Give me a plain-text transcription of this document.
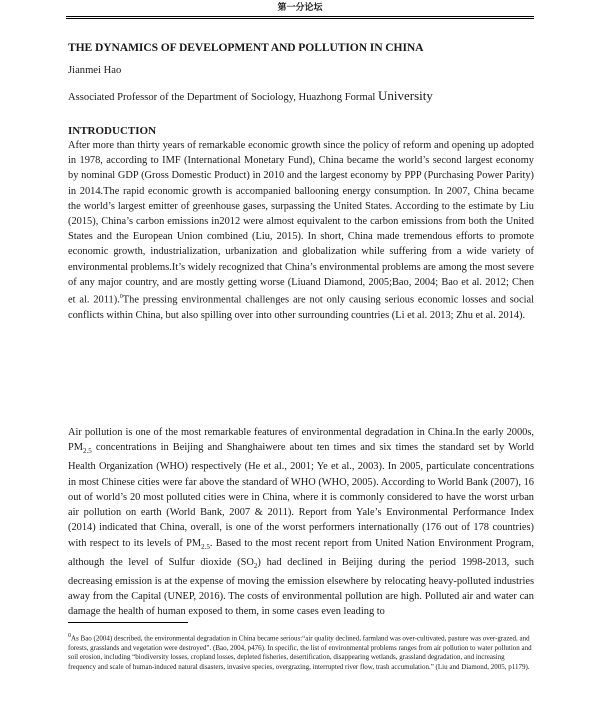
第一分论坛
THE DYNAMICS OF DEVELOPMENT AND POLLUTION IN CHINA
Jianmei Hao
Associated Professor of the Department of Sociology, Huazhong Formal University
INTRODUCTION
After more than thirty years of remarkable economic growth since the policy of reform and opening up adopted in 1978, according to IMF (International Monetary Fund), China became the world’s second largest economy by nominal GDP (Gross Domestic Product) in 2010 and the largest economy by PPP (Purchasing Power Parity) in 2014.The rapid economic growth is accompanied ballooning energy consumption. In 2007, China became the world’s largest emitter of greenhouse gases, surpassing the United States. According to the estimate by Liu (2015), China’s carbon emissions in2012 were almost equivalent to the carbon emissions from both the United States and the European Union combined (Liu, 2015). In short, China made tremendous efforts to promote economic growth, industrialization, urbanization and globalization while suffering from a wide variety of environmental problems.It’s widely recognized that China’s environmental problems are among the most severe of any major country, and are mostly getting worse (Liuand Diamond, 2005;Bao, 2004; Bao et al. 2012; Chen et al. 2011).$^0$The pressing environmental challenges are not only causing serious economic losses and social conflicts within China, but also spilling over into other surrounding countries (Li et al. 2013; Zhu et al. 2014).
Air pollution is one of the most remarkable features of environmental degradation in China.In the early 2000s, $PM_{2.5}$ concentrations in Beijing and Shanghaiwere about ten times and six times the standard set by World Health Organization (WHO) respectively (He et al., 2001; Ye et al., 2003). In 2005, particulate concentrations in most Chinese cities were far above the standard of WHO (WHO, 2005). According to World Bank (2007), 16 out of world’s 20 most polluted cities were in China, where it is commonly considered to have the worst urban air pollution on earth (World Bank, 2007 & 2011). Report from Yale’s Environmental Performance Index (2014) indicated that China, overall, is one of the worst performers internationally (176 out of 178 countries) with respect to its levels of $PM_{2.5}$. Based to the most recent report from United Nation Environment Program, although the level of Sulfur dioxide $(SO_2)$ had declined in Beijing during the period 1998-2013, such decreasing emission is at the expense of moving the emission elsewhere by relocating heavy-polluted industries away from the Capital (UNEP, 2016). The costs of environmental pollution are high. Polluted air and water can damage the health of human exposed to them, in some cases even leading to
$^0$As Bao (2004) described, the environmental degradation in China became serious:“air quality declined, farmland was over-cultivated, pasture was over-grazed, and forests, grasslands and vegetation were destroyed”. (Bao, 2004, p476). In specific, the list of environmental problems ranges from air pollution to water pollution and soil erosion, including “biodiversity losses, cropland losses, depleted fisheries, desertification, disappearing wetlands, grassland degradation, and increasing frequency and scale of human-induced natural disasters, invasive species, overgrazing, interrupted river flow, trash accumulation.” (Liu and Diamond, 2005, p1179).
